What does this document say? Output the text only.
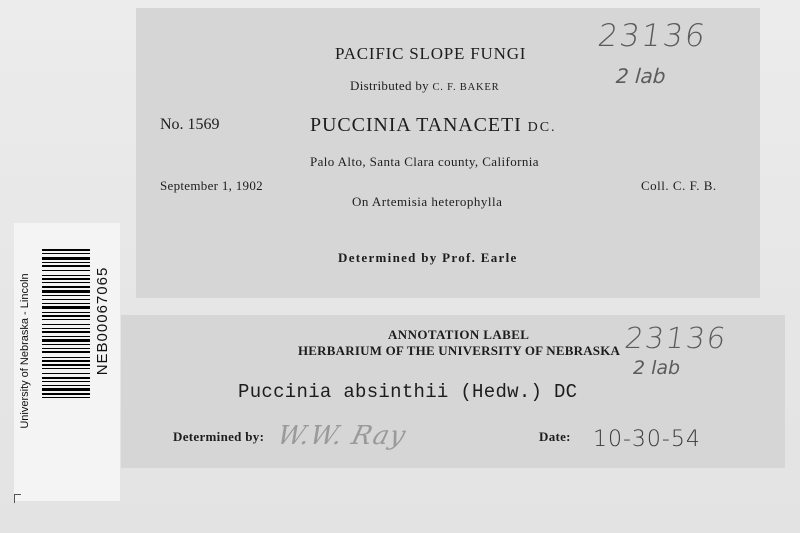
PACIFIC SLOPE FUNGI
Distributed by C. F. BAKER
No. 1569	PUCCINIA TANACETI DC.
Palo Alto, Santa Clara county, California
September 1, 1902	Coll. C. F. B.
On Artemisia heterophylla
Determined by Prof. Earle
23136
2 lab
ANNOTATION LABEL
HERBARIUM OF THE UNIVERSITY OF NEBRASKA
Puccinia absinthii (Hedw.) DC
Determined by: W.W. Ray	Date: 10-30-54
23136
2 lab
University of Nebraska - Lincoln	NEB00067065
